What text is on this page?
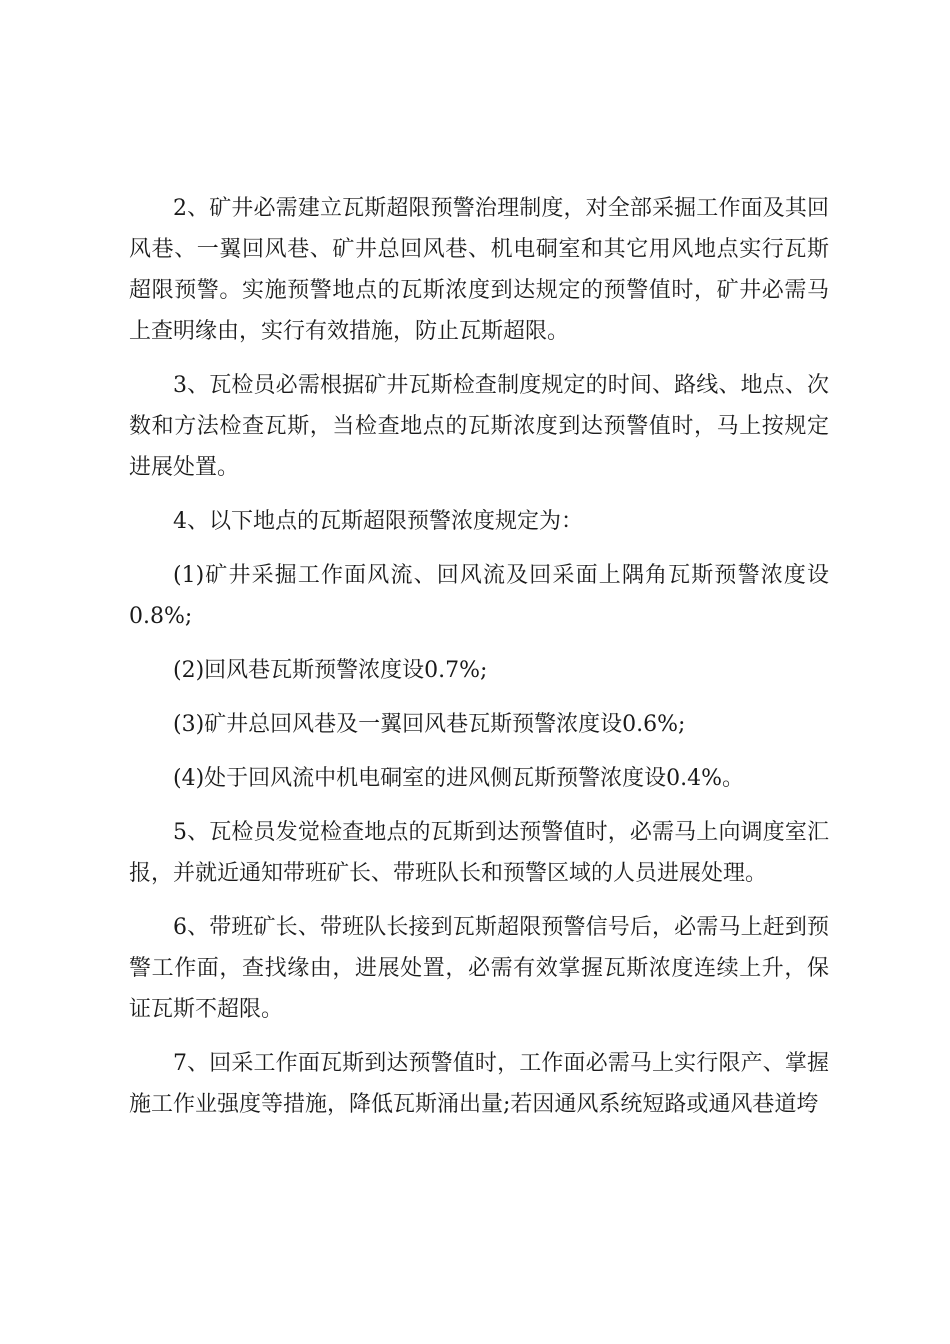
2、矿井必需建立瓦斯超限预警治理制度，对全部采掘工作面及其回风巷、一翼回风巷、矿井总回风巷、机电硐室和其它用风地点实行瓦斯超限预警。实施预警地点的瓦斯浓度到达规定的预警值时，矿井必需马上查明缘由，实行有效措施，防止瓦斯超限。

3、瓦检员必需根据矿井瓦斯检查制度规定的时间、路线、地点、次数和方法检查瓦斯，当检查地点的瓦斯浓度到达预警值时，马上按规定进展处置。

4、以下地点的瓦斯超限预警浓度规定为：

(1)矿井采掘工作面风流、回风流及回采面上隅角瓦斯预警浓度设0.8%;

(2)回风巷瓦斯预警浓度设0.7%;

(3)矿井总回风巷及一翼回风巷瓦斯预警浓度设0.6%;

(4)处于回风流中机电硐室的进风侧瓦斯预警浓度设0.4%。

5、瓦检员发觉检查地点的瓦斯到达预警值时，必需马上向调度室汇报，并就近通知带班矿长、带班队长和预警区域的人员进展处理。

6、带班矿长、带班队长接到瓦斯超限预警信号后，必需马上赶到预警工作面，查找缘由，进展处置，必需有效掌握瓦斯浓度连续上升，保证瓦斯不超限。

7、回采工作面瓦斯到达预警值时，工作面必需马上实行限产、掌握施工作业强度等措施，降低瓦斯涌出量;若因通风系统短路或通风巷道垮
